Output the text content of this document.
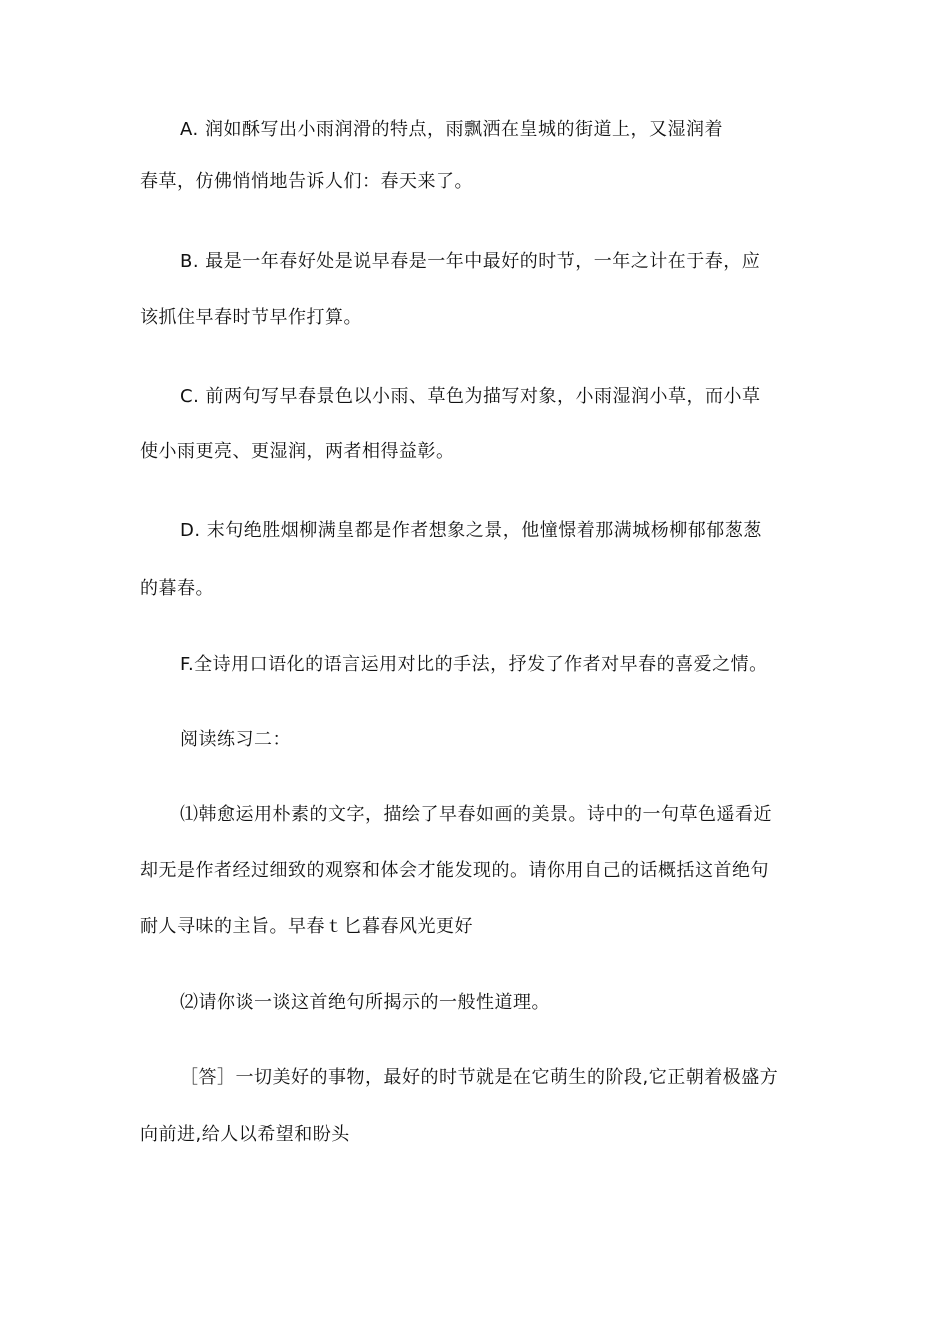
A. 润如酥写出小雨润滑的特点，雨飘洒在皇城的街道上，又湿润着
春草，仿佛悄悄地告诉人们：春天来了。
B. 最是一年春好处是说早春是一年中最好的时节，一年之计在于春，应
该抓住早春时节早作打算。
C. 前两句写早春景色以小雨、草色为描写对象，小雨湿润小草，而小草
使小雨更亮、更湿润，两者相得益彰。
D. 末句绝胜烟柳满皇都是作者想象之景，他憧憬着那满城杨柳郁郁葱葱
的暮春。
F.全诗用口语化的语言运用对比的手法，抒发了作者对早春的喜爱之情。
阅读练习二：
⑴韩愈运用朴素的文字，描绘了早春如画的美景。诗中的一句草色遥看近
却无是作者经过细致的观察和体会才能发现的。请你用自己的话概括这首绝句
耐人寻味的主旨。早春ｔ匕暮春风光更好
⑵请你谈一谈这首绝句所揭示的一般性道理。
［答］一切美好的事物，最好的时节就是在它萌生的阶段,它正朝着极盛方
向前进,给人以希望和盼头
